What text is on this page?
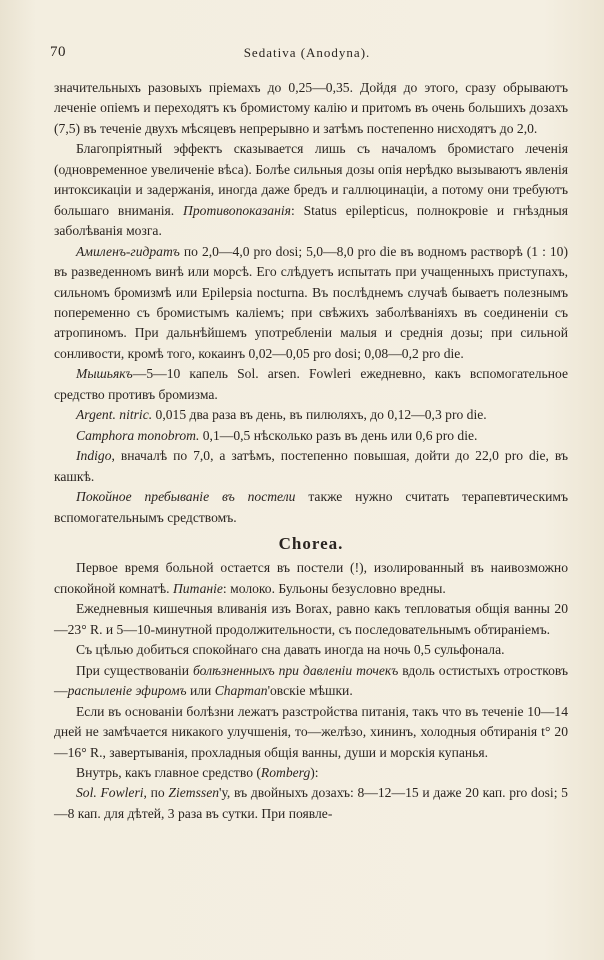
70	Sedativa (Аnоdуnа).

значительныхъ разовыхъ пріемахъ до 0,25—0,35. Дойдя до этого, сразу обрываютъ леченіе опіемъ и переходятъ къ бромистому калію и притомъ въ очень большихъ дозахъ (7,5) въ теченіе двухъ мѣсяцевъ непрерывно и затѣмъ постепенно нисходятъ до 2,0.

Благопріятный эффектъ сказывается лишь съ началомъ бромистаго леченія (одновременное увеличеніе вѣса). Болѣе сильныя дозы опія нерѣдко вызываютъ явленія интоксикаціи и задержанія, иногда даже бредъ и галлюцинаціи, а потому они требуютъ большаго вниманія. Противопоказанія: Status epilepticus, полнокровіе и гнѣздныя заболѣванія мозга.

Амиленъ-гидратъ по 2,0—4,0 pro dosi; 5,0—8,0 pro die въ водномъ растворѣ (1 : 10) въ разведенномъ винѣ или морсѣ. Его слѣдуетъ испытать при учащенныхъ приступахъ, сильномъ бромизмѣ или Epilepsia nocturna. Въ послѣднемъ случаѣ бываетъ полезнымъ попеременно съ бромистымъ каліемъ; при свѣжихъ заболѣваніяхъ въ соединеніи съ атропиномъ. При дальнѣйшемъ употребленіи малыя и среднія дозы; при сильной сонливости, кромѣ того, кокаинъ 0,02—0,05 pro dosi; 0,08—0,2 pro die.

Мышьякъ—5—10 капель Sol. arsen. Fowleri ежедневно, какъ вспомогательное средство противъ бромизма.

Argent. nitric. 0,015 два раза въ день, въ пилюляхъ, до 0,12—0,3 pro die.

Camphora monobrom. 0,1—0,5 нѣсколько разъ въ день или 0,6 pro die.

Indigo, вначалѣ по 7,0, а затѣмъ, постепенно повышая, дойти до 22,0 pro die, въ кашкѣ.

Покойное пребываніе въ постели также нужно считать терапевтическимъ вспомогательнымъ средствомъ.

Chorea.

Первое время больной остается въ постели (!), изолированный въ наивозможно спокойной комнатѣ. Питаніе: молоко. Бульоны безусловно вредны.

Ежедневныя кишечныя вливанія изъ Borax, равно какъ тепловатыя общія ванны 20—23° R. и 5—10-минутной продолжительности, съ последовательнымъ обтираніемъ.

Съ цѣлью добиться спокойнаго сна давать иногда на ночь 0,5 сульфонала.

При существованіи болѣзненныхъ при давленіи точекъ вдоль остистыхъ отростковъ—распыленіе эфиромъ или Chapman'овскіе мѣшки.

Если въ основаніи болѣзни лежатъ разстройства питанія, такъ что въ теченіе 10—14 дней не замѣчается никакого улучшенія, то—желѣзо, хининъ, холодныя обтиранія t° 20—16° R., завертыванія, прохладныя общія ванны, души и морскія купанья.

Внутрь, какъ главное средство (Romberg):

Sol. Fowleri, по Ziemssen'у, въ двойныхъ дозахъ: 8—12—15 и даже 20 кап. pro dosi; 5—8 кап. для дѣтей, 3 раза въ сутки. При появле-
